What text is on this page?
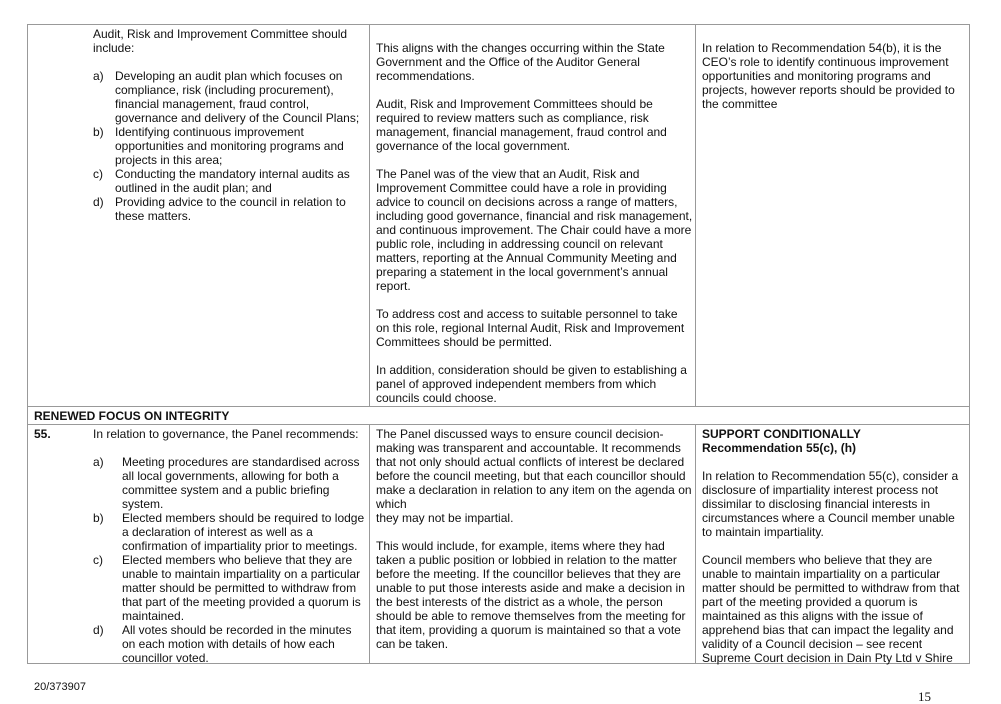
Audit, Risk and Improvement Committee should include:

a) Developing an audit plan which focuses on compliance, risk (including procurement), financial management, fraud control, governance and delivery of the Council Plans;
b) Identifying continuous improvement opportunities and monitoring programs and projects in this area;
c) Conducting the mandatory internal audits as outlined in the audit plan; and
d) Providing advice to the council in relation to these matters.

This aligns with the changes occurring within the State Government and the Office of the Auditor General recommendations.

Audit, Risk and Improvement Committees should be required to review matters such as compliance, risk management, financial management, fraud control and governance of the local government.

The Panel was of the view that an Audit, Risk and Improvement Committee could have a role in providing advice to council on decisions across a range of matters, including good governance, financial and risk management, and continuous improvement. The Chair could have a more public role, including in addressing council on relevant matters, reporting at the Annual Community Meeting and preparing a statement in the local government’s annual report.

To address cost and access to suitable personnel to take on this role, regional Internal Audit, Risk and Improvement Committees should be permitted.

In addition, consideration should be given to establishing a panel of approved independent members from which councils could choose.

In relation to Recommendation 54(b), it is the CEO’s role to identify continuous improvement opportunities and monitoring programs and projects, however reports should be provided to the committee

RENEWED FOCUS ON INTEGRITY
55.	In relation to governance, the Panel recommends:

a) Meeting procedures are standardised across all local governments, allowing for both a committee system and a public briefing system.
b) Elected members should be required to lodge a declaration of interest as well as a confirmation of impartiality prior to meetings.
c) Elected members who believe that they are unable to maintain impartiality on a particular matter should be permitted to withdraw from that part of the meeting provided a quorum is maintained.
d) All votes should be recorded in the minutes on each motion with details of how each councillor voted.

The Panel discussed ways to ensure council decision-making was transparent and accountable. It recommends that not only should actual conflicts of interest be declared before the council meeting, but that each councillor should make a declaration in relation to any item on the agenda on which

they may not be impartial.

This would include, for example, items where they had taken a public position or lobbied in relation to the matter before the meeting. If the councillor believes that they are unable to put those interests aside and make a decision in the best interests of the district as a whole, the person should be able to remove themselves from the meeting for that item, providing a quorum is maintained so that a vote can be taken.

SUPPORT CONDITIONALLY

Recommendation 55(c), (h)

In relation to Recommendation 55(c), consider a disclosure of impartiality interest process not dissimilar to disclosing financial interests in circumstances where a Council member unable to maintain impartiality.

Council members who believe that they are unable to maintain impartiality on a particular matter should be permitted to withdraw from that part of the meeting provided a quorum is maintained as this aligns with the issue of apprehend bias that can impact the legality and validity of a Council decision – see recent Supreme Court decision in Dain Pty Ltd v Shire

20/373907
15
